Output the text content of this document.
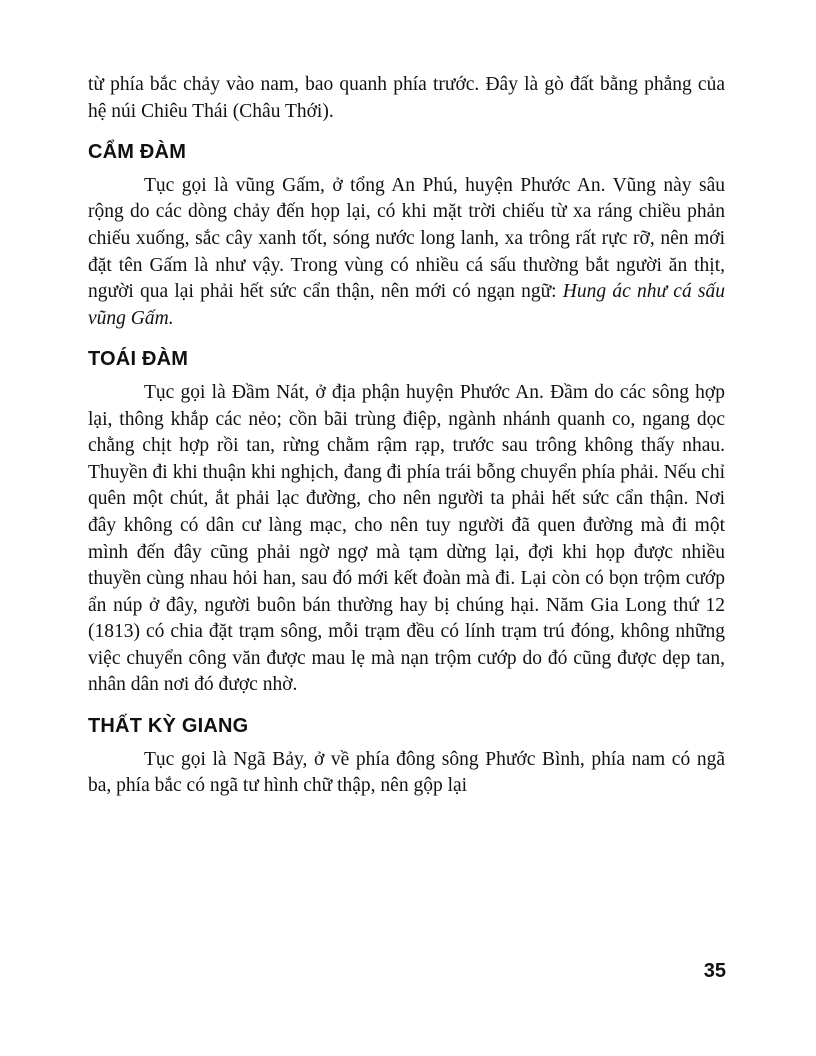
từ phía bắc chảy vào nam, bao quanh phía trước. Đây là gò đất bằng phẳng của hệ núi Chiêu Thái (Châu Thới).

CẨM ĐÀM

Tục gọi là vũng Gấm, ở tổng An Phú, huyện Phước An. Vũng này sâu rộng do các dòng chảy đến họp lại, có khi mặt trời chiếu từ xa ráng chiều phản chiếu xuống, sắc cây xanh tốt, sóng nước long lanh, xa trông rất rực rỡ, nên mới đặt tên Gấm là như vậy. Trong vùng có nhiều cá sấu thường bắt người ăn thịt, người qua lại phải hết sức cẩn thận, nên mới có ngạn ngữ: Hung ác như cá sấu vũng Gấm.

TOÁI ĐÀM

Tục gọi là Đầm Nát, ở địa phận huyện Phước An. Đầm do các sông hợp lại, thông khắp các nẻo; cồn bãi trùng điệp, ngành nhánh quanh co, ngang dọc chằng chịt hợp rồi tan, rừng chằm rậm rạp, trước sau trông không thấy nhau. Thuyền đi khi thuận khi nghịch, đang đi phía trái bỗng chuyển phía phải. Nếu chỉ quên một chút, ắt phải lạc đường, cho nên người ta phải hết sức cẩn thận. Nơi đây không có dân cư làng mạc, cho nên tuy người đã quen đường mà đi một mình đến đây cũng phải ngờ ngợ mà tạm dừng lại, đợi khi họp được nhiều thuyền cùng nhau hỏi han, sau đó mới kết đoàn mà đi. Lại còn có bọn trộm cướp ẩn núp ở đây, người buôn bán thường hay bị chúng hại. Năm Gia Long thứ 12 (1813) có chia đặt trạm sông, mỗi trạm đều có lính trạm trú đóng, không những việc chuyển công văn được mau lẹ mà nạn trộm cướp do đó cũng được dẹp tan, nhân dân nơi đó được nhờ.

THẤT KỲ GIANG

Tục gọi là Ngã Bảy, ở về phía đông sông Phước Bình, phía nam có ngã ba, phía bắc có ngã tư hình chữ thập, nên gộp lại

35
